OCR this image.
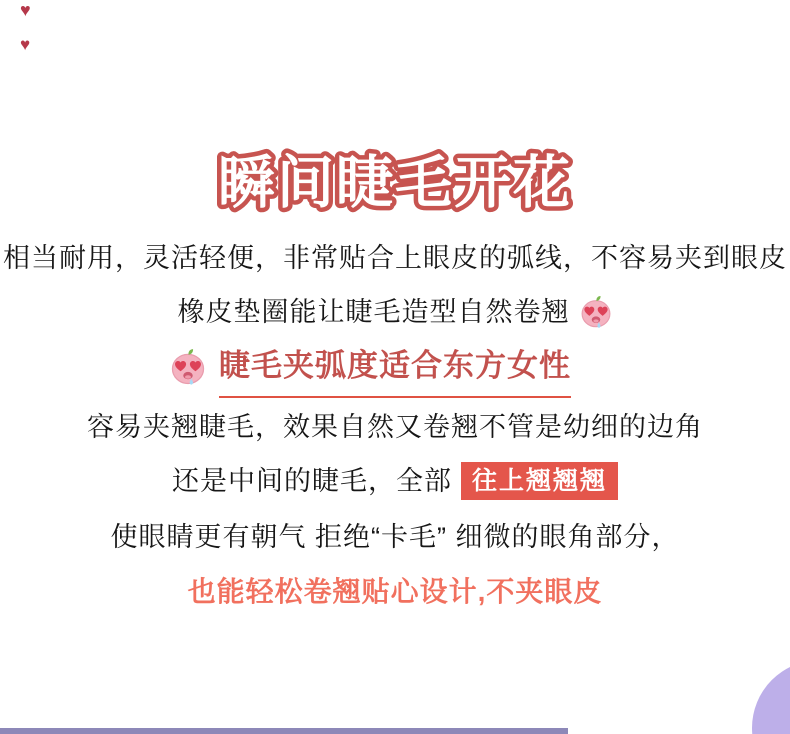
♥
♥
瞬间睫毛开花
相当耐用，灵活轻便，非常贴合上眼皮的弧线，不容易夹到眼皮
橡皮垫圈能让睫毛造型自然卷翘
睫毛夹弧度适合东方女性
容易夹翘睫毛，效果自然又卷翘不管是幼细的边角
还是中间的睫毛，全部 往上翘翘翘
使眼睛更有朝气 拒绝“卡毛” 细微的眼角部分，
也能轻松卷翘贴心设计,不夹眼皮
